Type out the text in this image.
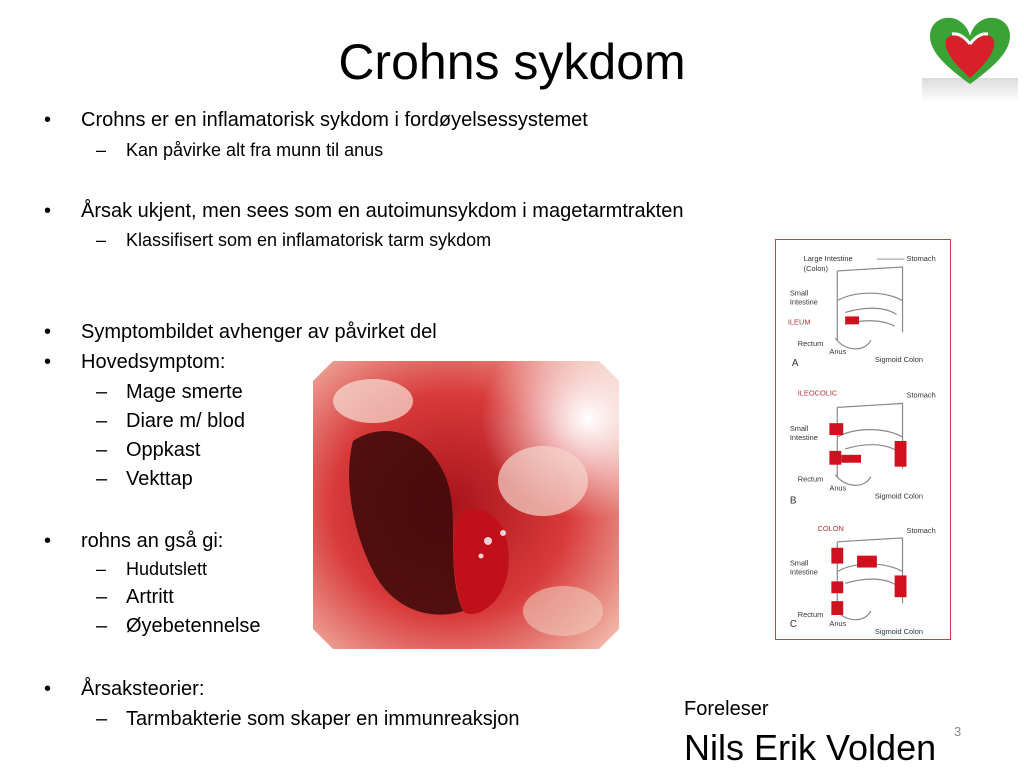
Crohns sykdom
• Crohns er en inflamatorisk sykdom i fordøyelsessystemet
– Kan påvirke alt fra munn til anus
• Årsak ukjent, men sees som en autoimunsykdom i magetarmtrakten
– Klassifisert som en inflamatorisk tarm sykdom
• Symptombildet avhenger av påvirket del
• Hovedsymptom:
– Mage smerte
– Diare m/ blod
– Oppkast
– Vekttap
• rohns an gså gi:
– Hudutslett
– Artritt
– Øyebetennelse
• Årsaksteorier:
– Tarmbakterie som skaper en immunreaksjon
Large Intestine
(Colon)
Stomach
Small
Intestine
ILEUM
Rectum
Anus
Sigmoid Colon
A
ILEOCOLIC	Stomach
Small
Intestine
Rectum
Anus
Sigmoid Colon
B
COLON	Stomach
Small
Intestine
Rectum
Anus
Sigmoid Colon
C
Foreleser
Nils Erik Volden 3
